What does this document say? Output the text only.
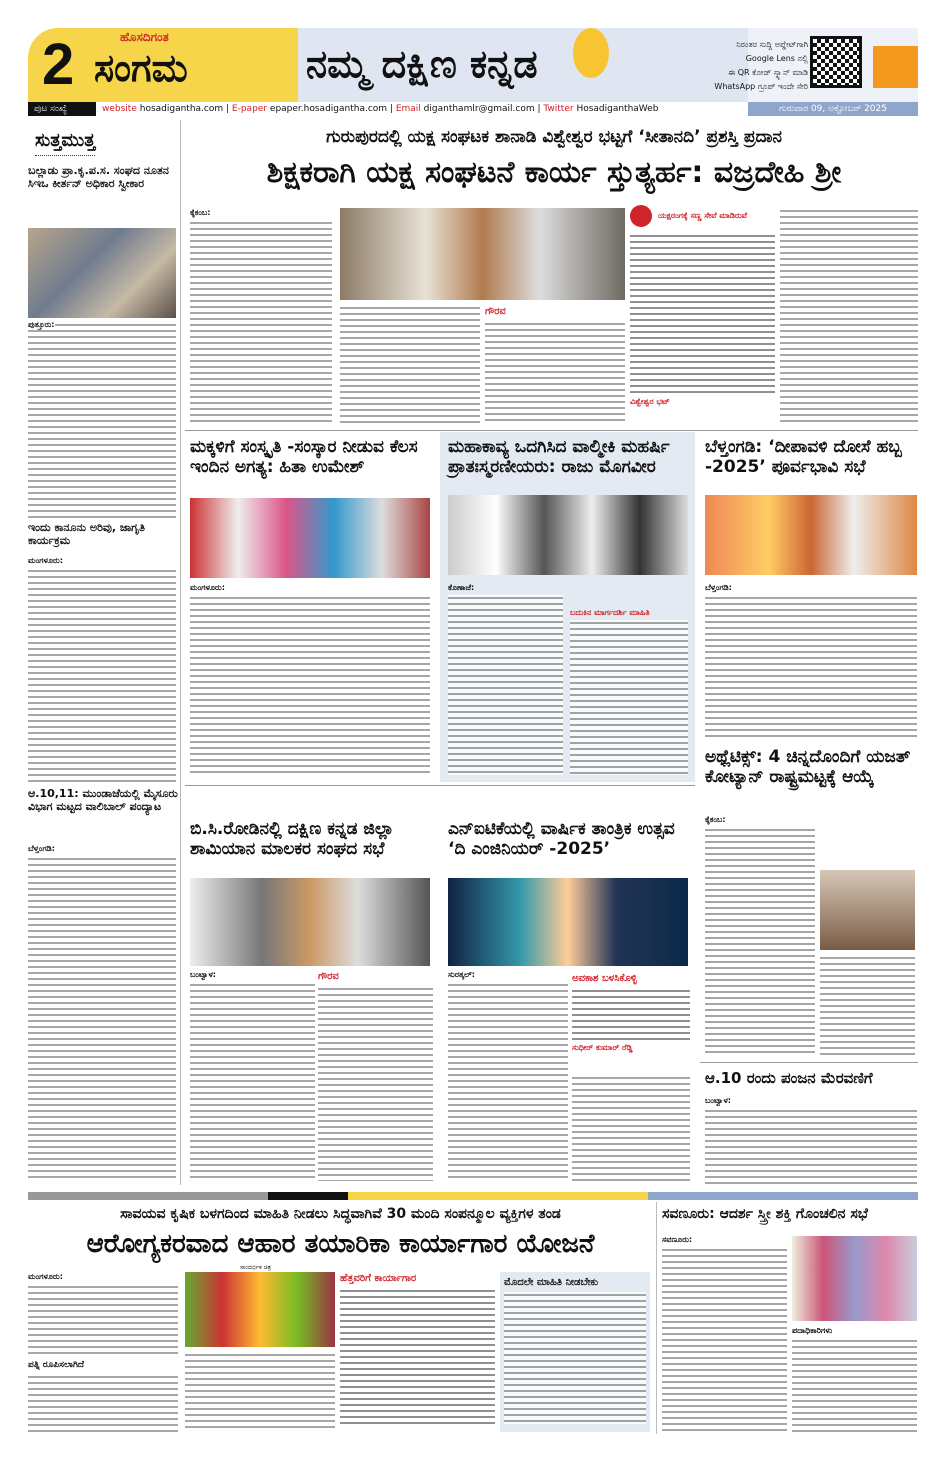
2	ಹೊಸದಿಗಂತ
ಸಂಗಮ	ನಮ್ಮ ದಕ್ಷಿಣ ಕನ್ನಡ	ನಿರಂತರ ಸುದ್ದಿ ಅಪ್ಡೇಟ್‌ಗಾಗಿ
Google Lens ನಲ್ಲಿ
ಈ QR ಕೋಡ್ ಸ್ಕ್ಯಾನ್ ಮಾಡಿ
WhatsApp ಗ್ರೂಪ್ ಇಂದೇ ಸೇರಿ
ಪುಟ ಸಂಖ್ಯೆ	website hosadigantha.com | E-paper epaper.hosadigantha.com | Email diganthamlr@gmail.com | Twitter HosadiganthaWeb	ಗುರುವಾರ 09, ಅಕ್ಟೋಬರ್ 2025
ಸುತ್ತಮುತ್ತ
ಬಲ್ಲಾಡು ಪ್ರಾ.ಕೃ.ಪ.ಸ. ಸಂಘದ ನೂತನ ಸಿಇಒ ಕೀರ್ತನ್ ಅಧಿಕಾರ ಸ್ವೀಕಾರ
ಪುತ್ತೂರು:
ಇಂದು ಕಾನೂನು ಅರಿವು, ಜಾಗೃತಿ ಕಾರ್ಯಕ್ರಮ
ಮಂಗಳೂರು:
ಆ.10,11: ಮುಂಡಾಜೆಯಲ್ಲಿ ಮೈಸೂರು ವಿಭಾಗ ಮಟ್ಟದ ವಾಲಿಬಾಲ್ ಪಂದ್ಯಾಟ
ಬೆಳ್ತಂಗಡಿ:
ಗುರುಪುರದಲ್ಲಿ ಯಕ್ಷ ಸಂಘಟಕ ಶಾನಾಡಿ ವಿಶ್ವೇಶ್ವರ ಭಟ್ಟಗೆ ‘ಸೀತಾನದಿ’ ಪ್ರಶಸ್ತಿ ಪ್ರದಾನ
ಶಿಕ್ಷಕರಾಗಿ ಯಕ್ಷ ಸಂಘಟನೆ ಕಾರ್ಯ ಸ್ತುತ್ಯರ್ಹ: ವಜ್ರದೇಹಿ ಶ್ರೀ
ಕೈಕಂಬ:
ಗೌರವ
ಯಕ್ಷರಂಗಕ್ಕೆ ಸಣ್ಣ ಸೇವೆ ಮಾಡಿರುವೆ
ವಿಶ್ವೇಶ್ವರ ಭಟ್
ಮಕ್ಕಳಿಗೆ ಸಂಸ್ಕೃತಿ -ಸಂಸ್ಕಾರ ನೀಡುವ ಕೆಲಸ ಇಂದಿನ ಅಗತ್ಯ: ಹಿತಾ ಉಮೇಶ್
ಮಂಗಳೂರು:
ಮಹಾಕಾವ್ಯ ಒದಗಿಸಿದ ವಾಲ್ಮೀಕಿ ಮಹರ್ಷಿ ಪ್ರಾತಃಸ್ಮರಣೀಯರು: ರಾಜು ಮೊಗವೀರ
ಕೊಣಾಜೆ:
ಬದುಕಿನ ಮಾರ್ಗದರ್ಶಿ ಮಾಹಿತಿ
ಬೆಳ್ತಂಗಡಿ: ‘ದೀಪಾವಳಿ ದೋಸೆ ಹಬ್ಬ -2025’ ಪೂರ್ವಭಾವಿ ಸಭೆ
ಬೆಳ್ತಂಗಡಿ:
ಅಥ್ಲೆಟಿಕ್ಸ್: 4 ಚಿನ್ನದೊಂದಿಗೆ ಯಜತ್ ಕೋಟ್ಯಾನ್ ರಾಷ್ಟ್ರಮಟ್ಟಕ್ಕೆ ಆಯ್ಕೆ
ಕೈಕಂಬ:
ಆ.10 ರಂದು ಪಂಜನ ಮೆರವಣಿಗೆ
ಬಂಟ್ವಾಳ:
ಬಿ.ಸಿ.ರೋಡಿನಲ್ಲಿ ದಕ್ಷಿಣ ಕನ್ನಡ ಜಿಲ್ಲಾ ಶಾಮಿಯಾನ ಮಾಲಕರ ಸಂಘದ ಸಭೆ
ಬಂಟ್ವಾಳ:	ಗೌರವ
ಎನ್‌ಐಟಿಕೆಯಲ್ಲಿ ವಾರ್ಷಿಕ ತಾಂತ್ರಿಕ ಉತ್ಸವ ‘ದಿ ಎಂಜಿನಿಯರ್ -2025’
ಸುರತ್ಕಲ್:	ಅವಕಾಶ ಬಳಸಿಕೊಳ್ಳಿ
ಸುಧೀರ್ ಕುಮಾರ್ ರೆಡ್ಡಿ
ಸಾವಯವ ಕೃಷಿಕ ಬಳಗದಿಂದ ಮಾಹಿತಿ ನೀಡಲು ಸಿದ್ಧವಾಗಿವೆ 30 ಮಂದಿ ಸಂಪನ್ಮೂಲ ವ್ಯಕ್ತಿಗಳ ತಂಡ
ಆರೋಗ್ಯಕರವಾದ ಆಹಾರ ತಯಾರಿಕಾ ಕಾರ್ಯಾಗಾರ ಯೋಜನೆ
ಮಂಗಳೂರು:
ಪತ್ನಿ ರೂಪಿಸಲಾಗಿದೆ
ಸಾಂದರ್ಭಿಕ ಚಿತ್ರ
ಹೆತ್ತವರಿಗೆ ಕಾರ್ಯಾಗಾರ	ಮೊದಲೇ ಮಾಹಿತಿ ನೀಡಬೇಕು
ಸವಣೂರು: ಆದರ್ಶ ಸ್ತ್ರೀ ಶಕ್ತಿ ಗೊಂಚಲಿನ ಸಭೆ
ಸವಣೂರು:
ಪದಾಧಿಕಾರಿಗಳು
